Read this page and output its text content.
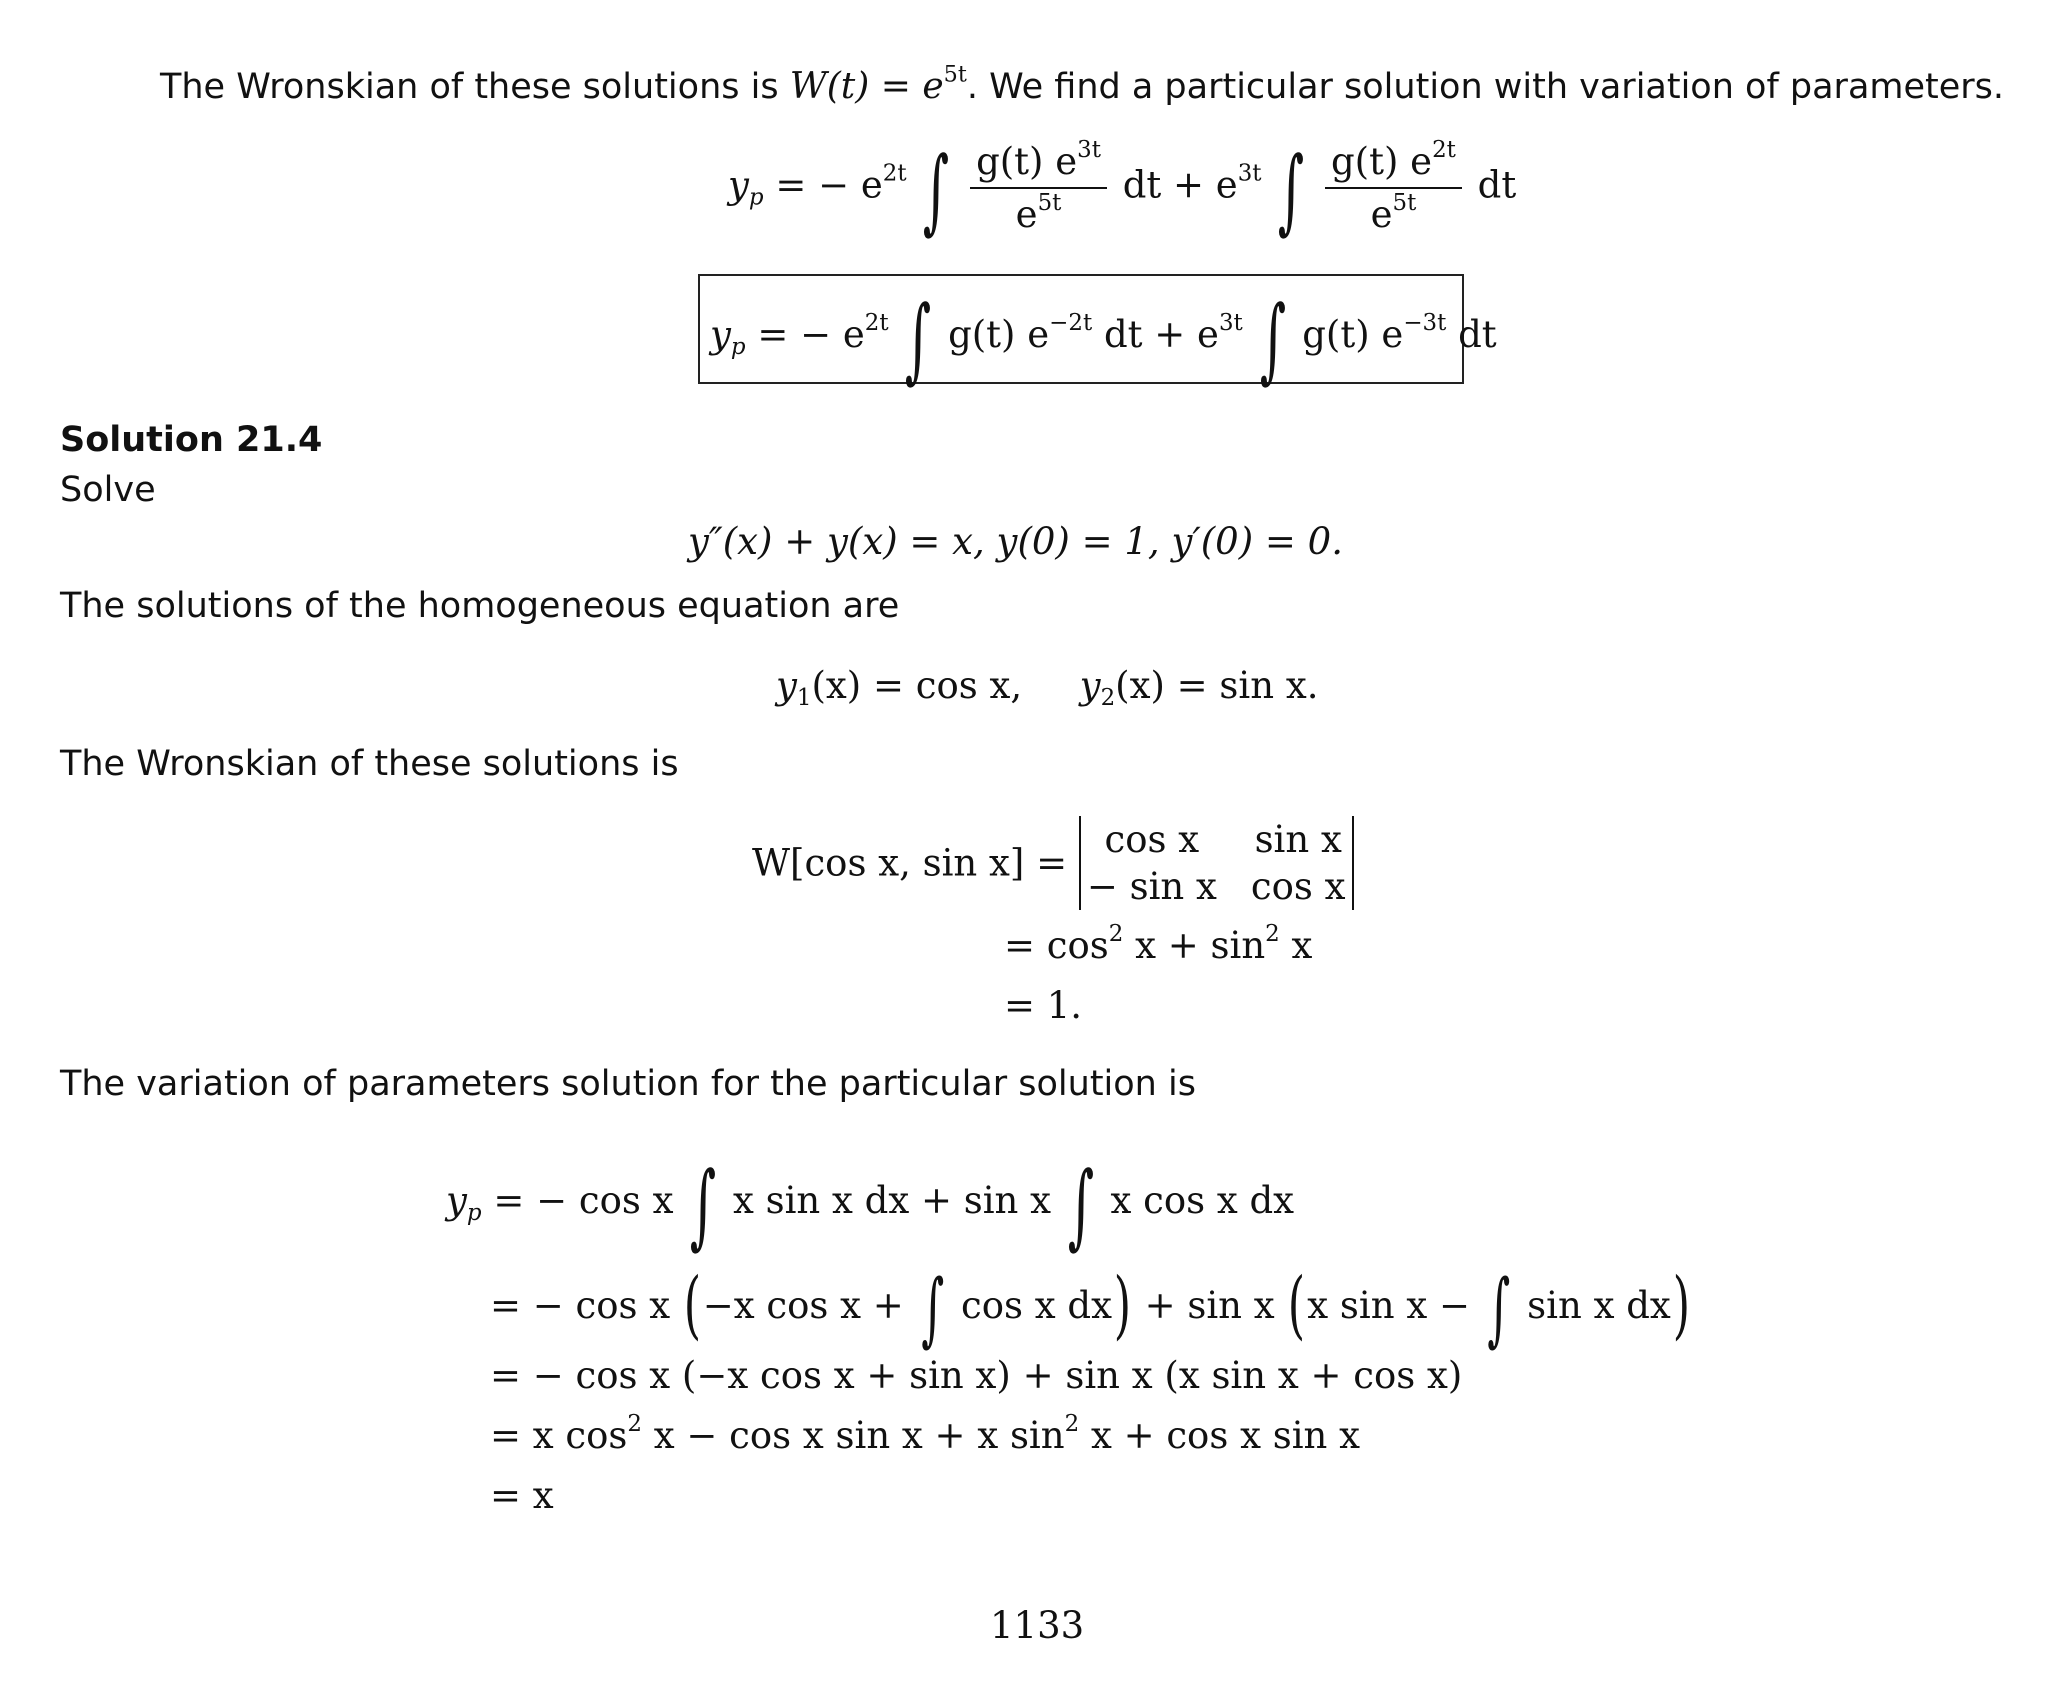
The Wronskian of these solutions is $W(t) = e^{5t}$. We find a particular solution with variation of parameters.
$y_p$ = − $e^{2t}$ ∫ $\frac{g(t) e^{3t}}{e^{5t}}$ dt + $e^{3t}$ ∫ $\frac{g(t) e^{2t}}{e^{5t}}$ dt
$y_p$ = − $e^{2t}$ ∫ g(t) $e^{-2t}$ dt + $e^{3t}$ ∫ g(t) $e^{-3t}$ dt
Solution 21.4
Solve
y″(x) + y(x) = x, y(0) = 1, y′(0) = 0.
The solutions of the homogeneous equation are
$y_1(x) = \cos x$, $y_2(x) = \sin x$.
The Wronskian of these solutions is
W[cos x, sin x] =
cos x	sin x
− sin x cos x
= $\cos^2 x + \sin^2 x$
= 1.
The variation of parameters solution for the particular solution is
$y_p$ = − cos x ∫ x sin x dx + sin x ∫ x cos x dx
= − cos x (−x cos x + ∫ cos x dx) + sin x (x sin x − ∫ sin x dx)
= − cos x (−x cos x + sin x) + sin x (x sin x + cos x)
= x $\cos^2 x - \cos x$ sin x + x $\sin^2 x + \cos x$ sin x
= x
1133
